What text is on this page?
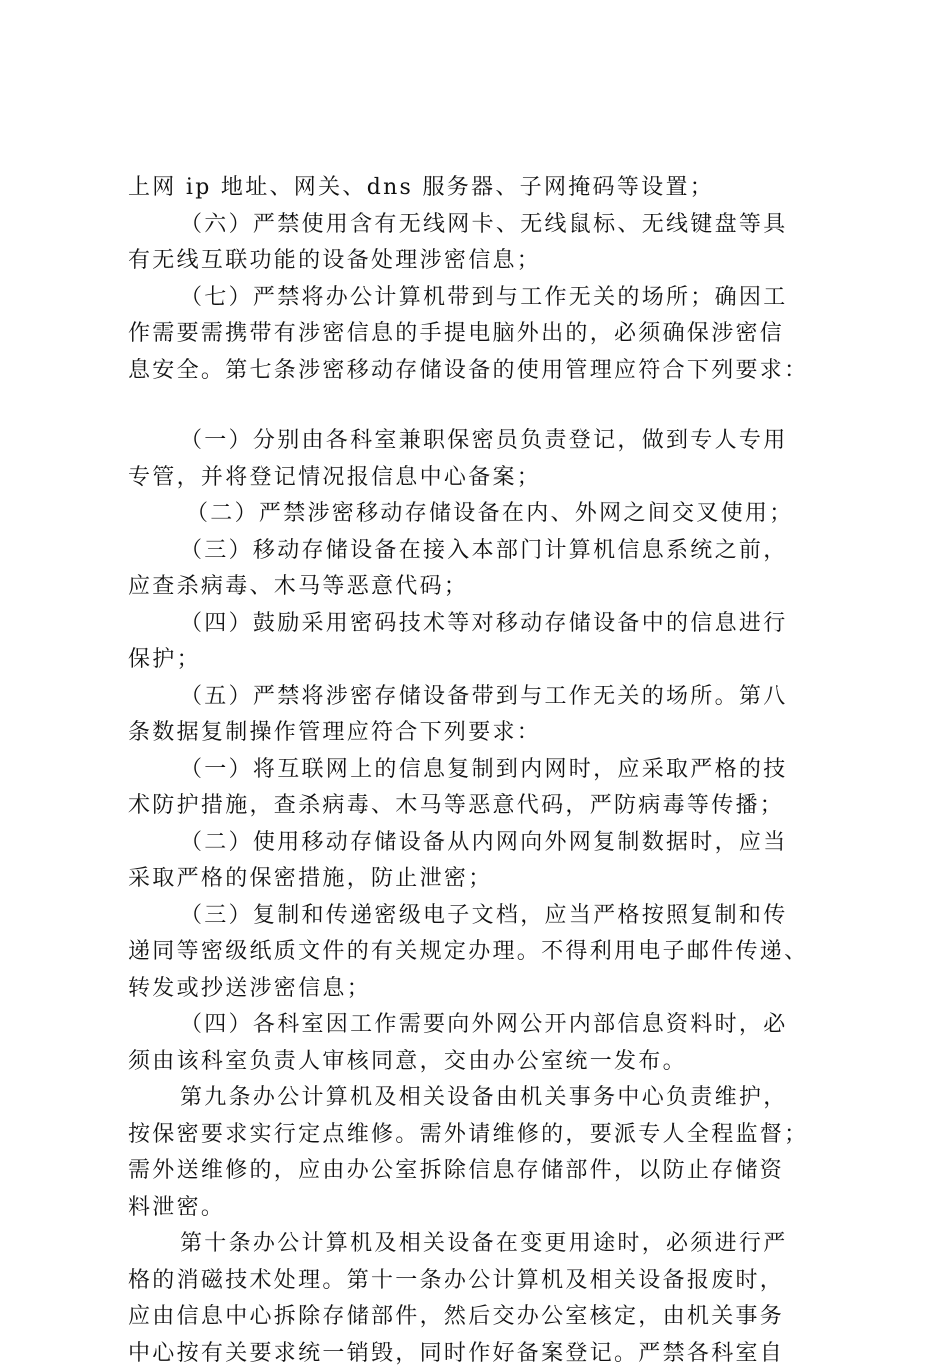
上网 ip 地址、网关、dns 服务器、子网掩码等设置；
（六）严禁使用含有无线网卡、无线鼠标、无线键盘等具
有无线互联功能的设备处理涉密信息；
（七）严禁将办公计算机带到与工作无关的场所；确因工
作需要需携带有涉密信息的手提电脑外出的，必须确保涉密信
息安全。第七条涉密移动存储设备的使用管理应符合下列要求：
（一）分别由各科室兼职保密员负责登记，做到专人专用
专管，并将登记情况报信息中心备案；
（二）严禁涉密移动存储设备在内、外网之间交叉使用；
（三）移动存储设备在接入本部门计算机信息系统之前，
应查杀病毒、木马等恶意代码；
（四）鼓励采用密码技术等对移动存储设备中的信息进行
保护；
（五）严禁将涉密存储设备带到与工作无关的场所。第八
条数据复制操作管理应符合下列要求：
（一）将互联网上的信息复制到内网时，应采取严格的技
术防护措施，查杀病毒、木马等恶意代码，严防病毒等传播；
（二）使用移动存储设备从内网向外网复制数据时，应当
采取严格的保密措施，防止泄密；
（三）复制和传递密级电子文档，应当严格按照复制和传
递同等密级纸质文件的有关规定办理。不得利用电子邮件传递、
转发或抄送涉密信息；
（四）各科室因工作需要向外网公开内部信息资料时，必
须由该科室负责人审核同意，交由办公室统一发布。
第九条办公计算机及相关设备由机关事务中心负责维护，
按保密要求实行定点维修。需外请维修的，要派专人全程监督；
需外送维修的，应由办公室拆除信息存储部件，以防止存储资
料泄密。
第十条办公计算机及相关设备在变更用途时，必须进行严
格的消磁技术处理。第十一条办公计算机及相关设备报废时，
应由信息中心拆除存储部件，然后交办公室核定，由机关事务
中心按有关要求统一销毁，同时作好备案登记。严禁各科室自
